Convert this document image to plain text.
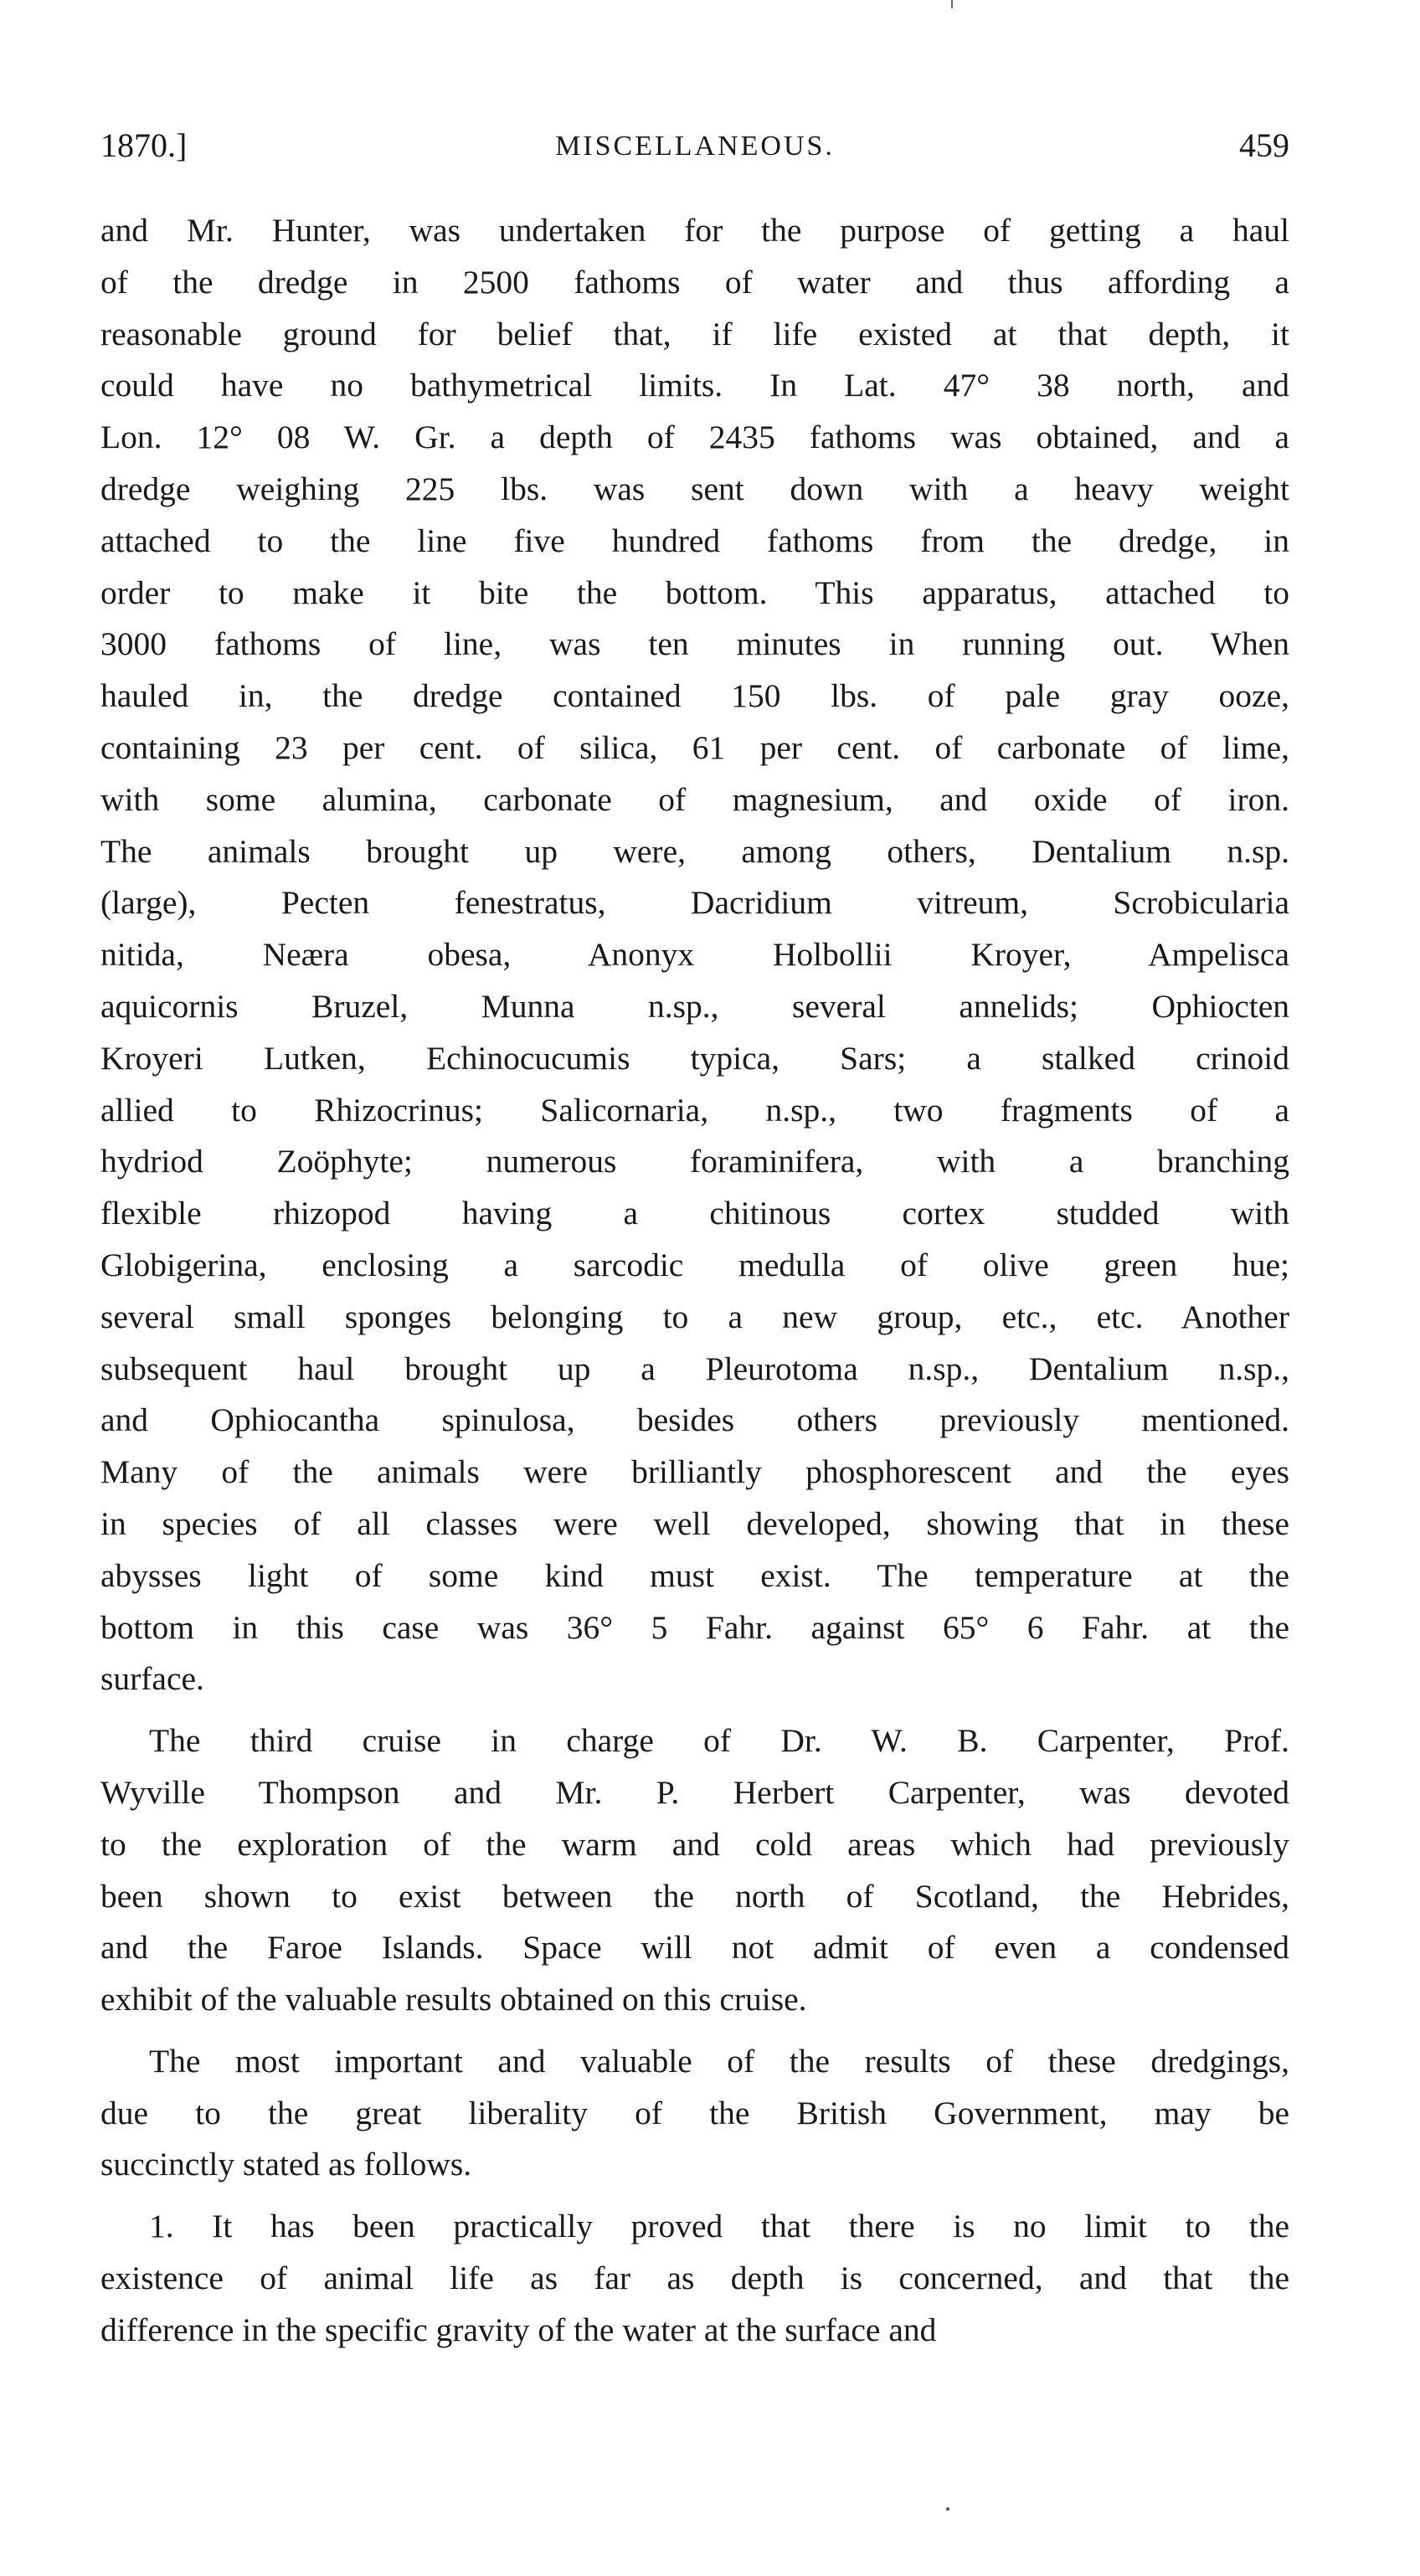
1870.]	MISCELLANEOUS.	459
and Mr. Hunter, was undertaken for the purpose of getting a haul
of the dredge in 2500 fathoms of water and thus affording a
reasonable ground for belief that, if life existed at that depth, it
could have no bathymetrical limits. In Lat. 47° 38 north, and
Lon. 12° 08 W. Gr. a depth of 2435 fathoms was obtained, and a
dredge weighing 225 lbs. was sent down with a heavy weight
attached to the line five hundred fathoms from the dredge, in
order to make it bite the bottom. This apparatus, attached to
3000 fathoms of line, was ten minutes in running out. When
hauled in, the dredge contained 150 lbs. of pale gray ooze,
containing 23 per cent. of silica, 61 per cent. of carbonate of lime,
with some alumina, carbonate of magnesium, and oxide of iron.
The animals brought up were, among others, Dentalium n.sp.
(large), Pecten fenestratus, Dacridium vitreum, Scrobicularia
nitida, Neæra obesa, Anonyx Holbollii Kroyer, Ampelisca
aquicornis Bruzel, Munna n.sp., several annelids; Ophiocten
Kroyeri Lutken, Echinocucumis typica, Sars; a stalked crinoid
allied to Rhizocrinus; Salicornaria, n.sp., two fragments of a
hydriod Zoöphyte; numerous foraminifera, with a branching
flexible rhizopod having a chitinous cortex studded with
Globigerina, enclosing a sarcodic medulla of olive green hue;
several small sponges belonging to a new group, etc., etc. Another
subsequent haul brought up a Pleurotoma n.sp., Dentalium n.sp.,
and Ophiocantha spinulosa, besides others previously mentioned.
Many of the animals were brilliantly phosphorescent and the eyes
in species of all classes were well developed, showing that in these
abysses light of some kind must exist. The temperature at the
bottom in this case was 36° 5 Fahr. against 65° 6 Fahr. at the
surface.
The third cruise in charge of Dr. W. B. Carpenter, Prof.
Wyville Thompson and Mr. P. Herbert Carpenter, was devoted
to the exploration of the warm and cold areas which had previously
been shown to exist between the north of Scotland, the Hebrides,
and the Faroe Islands. Space will not admit of even a condensed
exhibit of the valuable results obtained on this cruise.
The most important and valuable of the results of these dredgings,
due to the great liberality of the British Government, may be
succinctly stated as follows.
1. It has been practically proved that there is no limit to the
existence of animal life as far as depth is concerned, and that the
difference in the specific gravity of the water at the surface and
